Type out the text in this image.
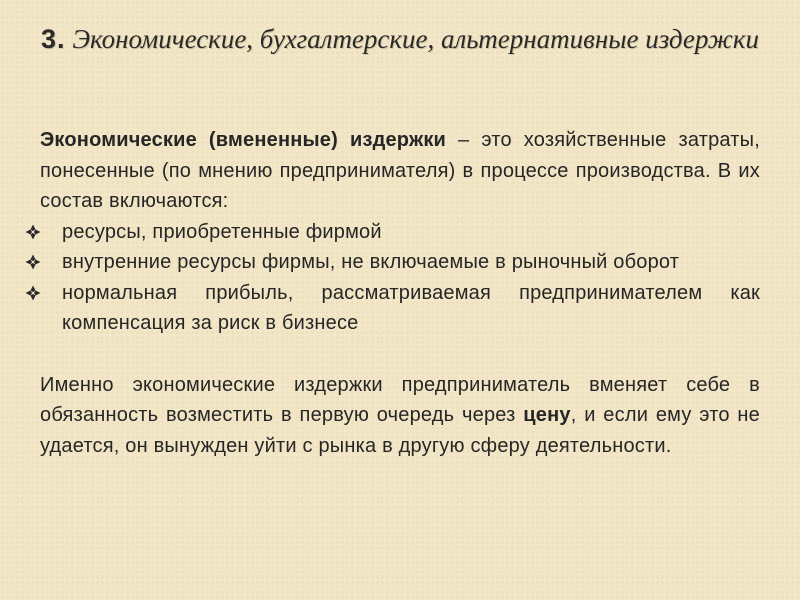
3. Экономические, бухгалтерские, альтернативные издержки

Экономические (вмененные) издержки – это хозяйственные затраты, понесенные (по мнению предпринимателя) в процессе производства. В их состав включаются:

ресурсы, приобретенные фирмой
внутренние ресурсы фирмы, не включаемые в рыночный оборот
нормальная прибыль, рассматриваемая предпринимателем как компенсация за риск в бизнесе

Именно экономические издержки предприниматель вменяет себе в обязанность возместить в первую очередь через цену, и если ему это не удается, он вынужден уйти с рынка в другую сферу деятельности.
